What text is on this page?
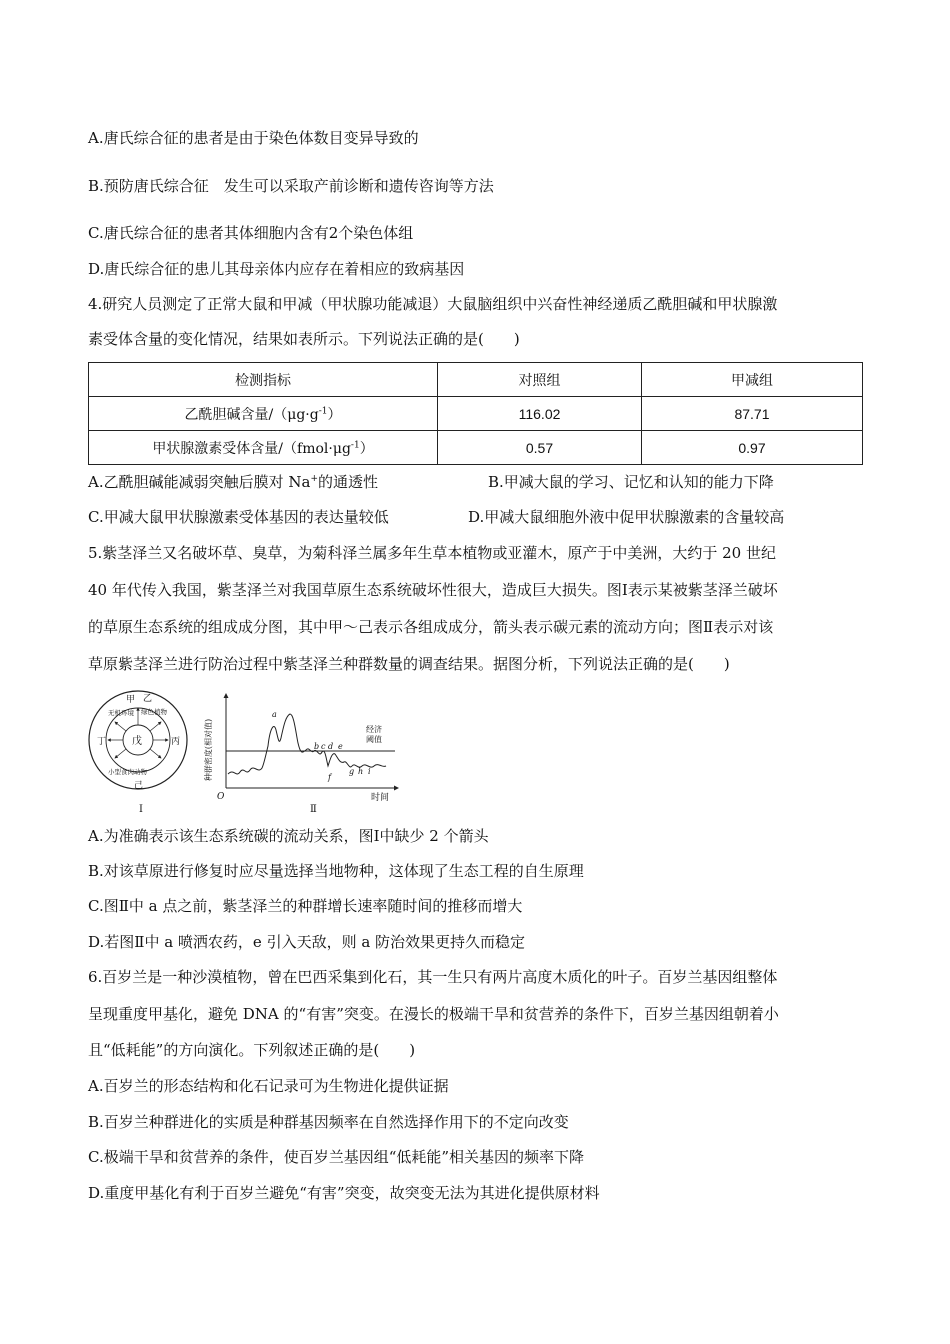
A.唐氏综合征的患者是由于染色体数目变异导致的
B.预防唐氏综合征　发生可以采取产前诊断和遗传咨询等方法
C.唐氏综合征的患者其体细胞内含有2个染色体组
D.唐氏综合征的患儿其母亲体内应存在着相应的致病基因
4.研究人员测定了正常大鼠和甲减（甲状腺功能减退）大鼠脑组织中兴奋性神经递质乙酰胆碱和甲状腺激
素受体含量的变化情况，结果如表所示。下列说法正确的是(  )
检测指标	对照组	甲减组
乙酰胆碱含量$/(\mu g\cdot g^{-1})$	116.02	87.71
甲状腺激素受体含量$/(fmol\cdot\mu g^{-1})$	0.57	0.97
A.乙酰胆碱能减弱突触后膜对 Na+的通透性	B.甲减大鼠的学习、记忆和认知的能力下降
C.甲减大鼠甲状腺激素受体基因的表达量较低	D.甲减大鼠细胞外液中促甲状腺激素的含量较高
5.紫茎泽兰又名破坏草、臭草，为菊科泽兰属多年生草本植物或亚灌木，原产于中美洲，大约于 20 世纪
40 年代传入我国，紫茎泽兰对我国草原生态系统破坏性很大，造成巨大损失。图Ⅰ表示某被紫茎泽兰破坏
的草原生态系统的组成成分图，其中甲～己表示各组成成分，箭头表示碳元素的流动方向；图Ⅱ表示对该
草原紫茎泽兰进行防治过程中紫茎泽兰种群数量的调查结果。据图分析，下列说法正确的是(  )
甲 乙
无机环境 绿色植物
丁	丙
戊
小型食肉动物
己
Ⅰ
种群密度(相对值)
时间
O
经济阈值
a
b c d e
f
g h i
Ⅱ
A.为准确表示该生态系统碳的流动关系，图Ⅰ中缺少 2 个箭头
B.对该草原进行修复时应尽量选择当地物种，这体现了生态工程的自生原理
C.图Ⅱ中 a 点之前，紫茎泽兰的种群增长速率随时间的推移而增大
D.若图Ⅱ中 a 喷洒农药，e 引入天敌，则 a 防治效果更持久而稳定
6.百岁兰是一种沙漠植物，曾在巴西采集到化石，其一生只有两片高度木质化的叶子。百岁兰基因组整体
呈现重度甲基化，避免 DNA 的“有害”突变。在漫长的极端干旱和贫营养的条件下，百岁兰基因组朝着小
且“低耗能”的方向演化。下列叙述正确的是(  )
A.百岁兰的形态结构和化石记录可为生物进化提供证据
B.百岁兰种群进化的实质是种群基因频率在自然选择作用下的不定向改变
C.极端干旱和贫营养的条件，使百岁兰基因组“低耗能”相关基因的频率下降
D.重度甲基化有利于百岁兰避免“有害”突变，故突变无法为其进化提供原材料
